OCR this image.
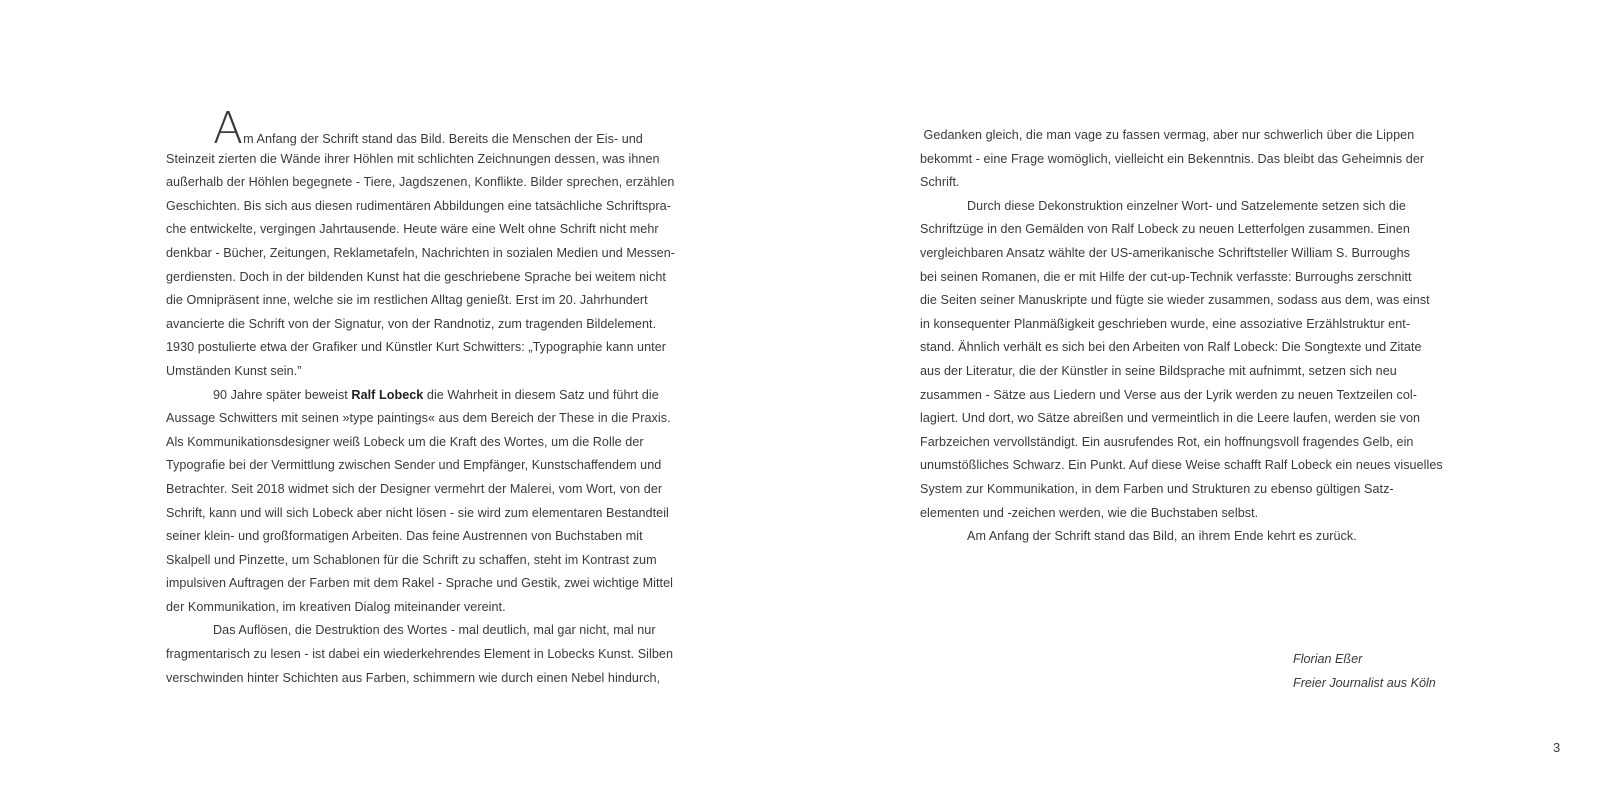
Am Anfang der Schrift stand das Bild. Bereits die Menschen der Eis- und
Steinzeit zierten die Wände ihrer Höhlen mit schlichten Zeichnungen dessen, was ihnen
außerhalb der Höhlen begegnete - Tiere, Jagdszenen, Konflikte. Bilder sprechen, erzählen
Geschichten. Bis sich aus diesen rudimentären Abbildungen eine tatsächliche Schriftspra-
che entwickelte, vergingen Jahrtausende. Heute wäre eine Welt ohne Schrift nicht mehr
denkbar - Bücher, Zeitungen, Reklametafeln, Nachrichten in sozialen Medien und Messen-
gerdiensten. Doch in der bildenden Kunst hat die geschriebene Sprache bei weitem nicht
die Omnipräsent inne, welche sie im restlichen Alltag genießt. Erst im 20. Jahrhundert
avancierte die Schrift von der Signatur, von der Randnotiz, zum tragenden Bildelement.
1930 postulierte etwa der Grafiker und Künstler Kurt Schwitters: „Typographie kann unter
Umständen Kunst sein.”
90 Jahre später beweist Ralf Lobeck die Wahrheit in diesem Satz und führt die
Aussage Schwitters mit seinen »type paintings« aus dem Bereich der These in die Praxis.
Als Kommunikationsdesigner weiß Lobeck um die Kraft des Wortes, um die Rolle der
Typografie bei der Vermittlung zwischen Sender und Empfänger, Kunstschaffendem und
Betrachter. Seit 2018 widmet sich der Designer vermehrt der Malerei, vom Wort, von der
Schrift, kann und will sich Lobeck aber nicht lösen - sie wird zum elementaren Bestandteil
seiner klein- und großformatigen Arbeiten. Das feine Austrennen von Buchstaben mit
Skalpell und Pinzette, um Schablonen für die Schrift zu schaffen, steht im Kontrast zum
impulsiven Auftragen der Farben mit dem Rakel - Sprache und Gestik, zwei wichtige Mittel
der Kommunikation, im kreativen Dialog miteinander vereint.
Das Auflösen, die Destruktion des Wortes - mal deutlich, mal gar nicht, mal nur
fragmentarisch zu lesen - ist dabei ein wiederkehrendes Element in Lobecks Kunst. Silben
verschwinden hinter Schichten aus Farben, schimmern wie durch einen Nebel hindurch,
Gedanken gleich, die man vage zu fassen vermag, aber nur schwerlich über die Lippen
bekommt - eine Frage womöglich, vielleicht ein Bekenntnis. Das bleibt das Geheimnis der
Schrift.
Durch diese Dekonstruktion einzelner Wort- und Satzelemente setzen sich die
Schriftzüge in den Gemälden von Ralf Lobeck zu neuen Letterfolgen zusammen. Einen
vergleichbaren Ansatz wählte der US-amerikanische Schriftsteller William S. Burroughs
bei seinen Romanen, die er mit Hilfe der cut-up-Technik verfasste: Burroughs zerschnitt
die Seiten seiner Manuskripte und fügte sie wieder zusammen, sodass aus dem, was einst
in konsequenter Planmäßigkeit geschrieben wurde, eine assoziative Erzählstruktur ent-
stand. Ähnlich verhält es sich bei den Arbeiten von Ralf Lobeck: Die Songtexte und Zitate
aus der Literatur, die der Künstler in seine Bildsprache mit aufnimmt, setzen sich neu
zusammen - Sätze aus Liedern und Verse aus der Lyrik werden zu neuen Textzeilen col-
lagiert. Und dort, wo Sätze abreißen und vermeintlich in die Leere laufen, werden sie von
Farbzeichen vervollständigt. Ein ausrufendes Rot, ein hoffnungsvoll fragendes Gelb, ein
unumstößliches Schwarz. Ein Punkt. Auf diese Weise schafft Ralf Lobeck ein neues visuelles
System zur Kommunikation, in dem Farben und Strukturen zu ebenso gültigen Satz-
elementen und -zeichen werden, wie die Buchstaben selbst.
Am Anfang der Schrift stand das Bild, an ihrem Ende kehrt es zurück.
Florian Eßer
Freier Journalist aus Köln
3
